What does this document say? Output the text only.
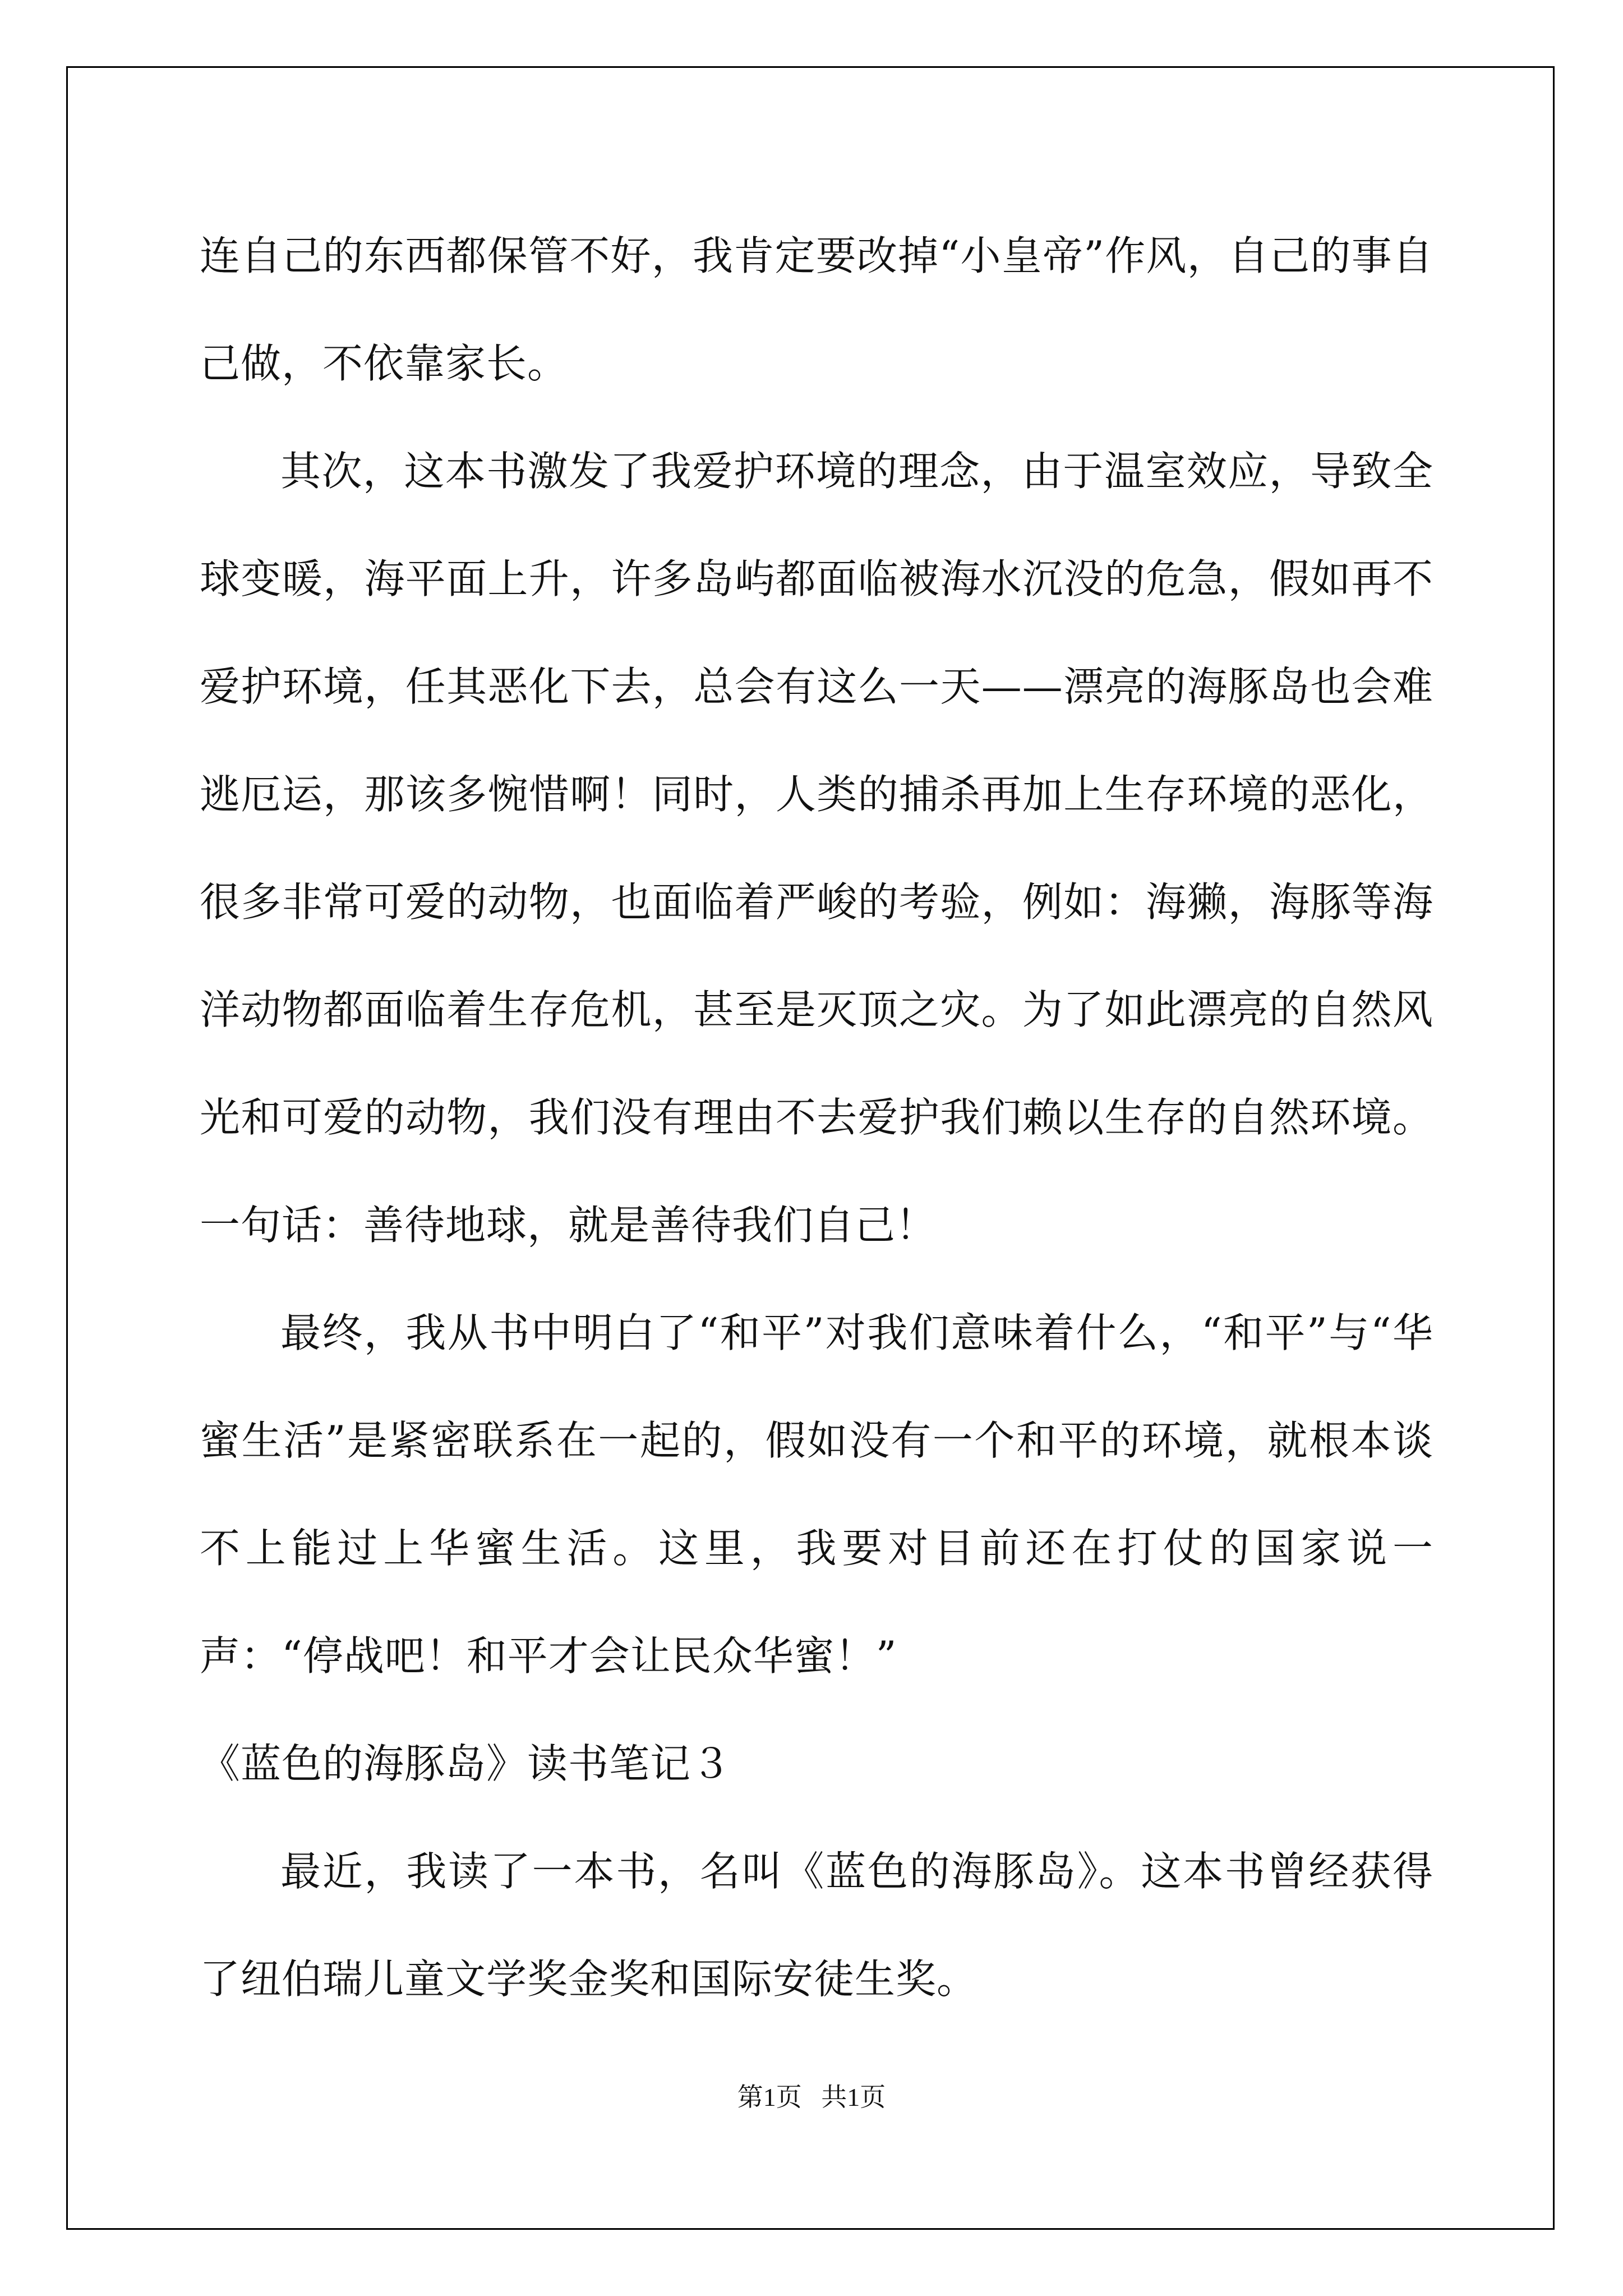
连自己的东西都保管不好，我肯定要改掉“小皇帝”作风，自己的事自己做，不依靠家长。

其次，这本书激发了我爱护环境的理念，由于温室效应，导致全球变暖，海平面上升，许多岛屿都面临被海水沉没的危急，假如再不爱护环境，任其恶化下去，总会有这么一天——漂亮的海豚岛也会难逃厄运，那该多惋惜啊！同时，人类的捕杀再加上生存环境的恶化，很多非常可爱的动物，也面临着严峻的考验，例如：海獭，海豚等海洋动物都面临着生存危机，甚至是灭顶之灾。为了如此漂亮的自然风光和可爱的动物，我们没有理由不去爱护我们赖以生存的自然环境。一句话：善待地球，就是善待我们自己！

最终，我从书中明白了“和平”对我们意味着什么，“和平”与“华蜜生活”是紧密联系在一起的，假如没有一个和平的环境，就根本谈不上能过上华蜜生活。这里，我要对目前还在打仗的国家说一声：“停战吧！和平才会让民众华蜜！”

《蓝色的海豚岛》读书笔记３

最近，我读了一本书，名叫《蓝色的海豚岛》。这本书曾经获得了纽伯瑞儿童文学奖金奖和国际安徒生奖。

第1页   共1页
